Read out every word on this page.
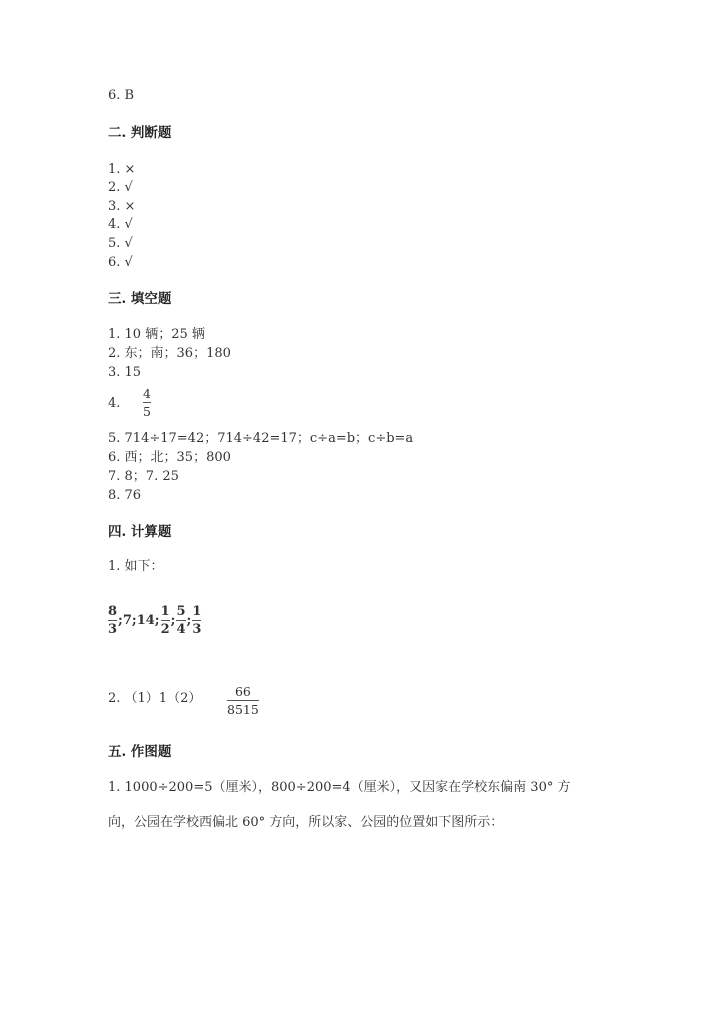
6. B
二. 判断题
1. ×
2. √
3. ×
4. √
5. √
6. √
三. 填空题
1. 10 辆；25 辆
2. 东；南；36；180
3. 15
4.
4
5
5. 714÷17=42；714÷42=17；c÷a=b；c÷b=a
6. 西；北；35；800
7. 8；7. 25
8. 76
四. 计算题
1. 如下：
$\frac{8}{3}$ ;7;14; $\frac{1}{2}$ ; $\frac{5}{4}$ ; $\frac{1}{3}$
2. （1）1（2）	66
8515
五. 作图题
1. 1000÷200=5（厘米），800÷200=4（厘米），又因家在学校东偏南 30° 方
向，公园在学校西偏北 60° 方向，所以家、公园的位置如下图所示：
